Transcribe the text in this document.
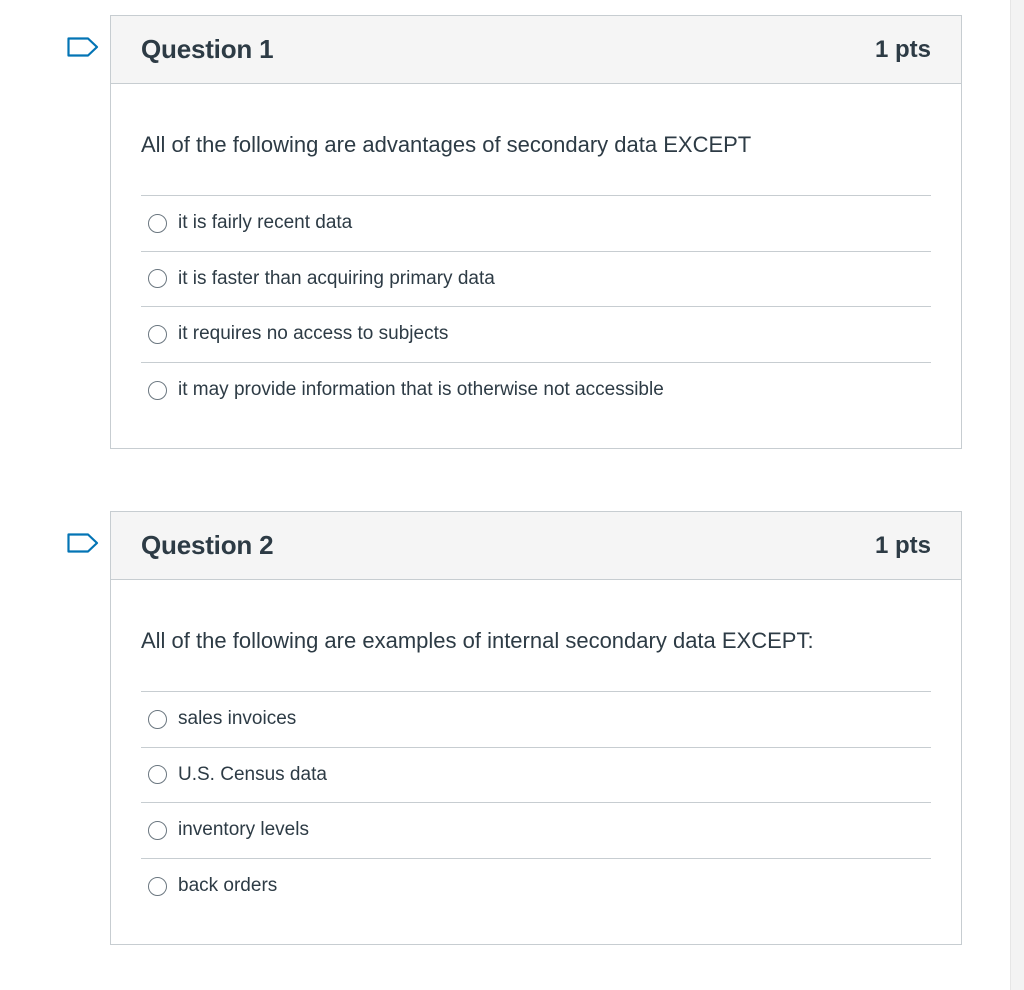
Question 1	1 pts
All of the following are advantages of secondary data EXCEPT
it is fairly recent data
it is faster than acquiring primary data
it requires no access to subjects
it may provide information that is otherwise not accessible
Question 2	1 pts
All of the following are examples of internal secondary data EXCEPT:
sales invoices
U.S. Census data
inventory levels
back orders
